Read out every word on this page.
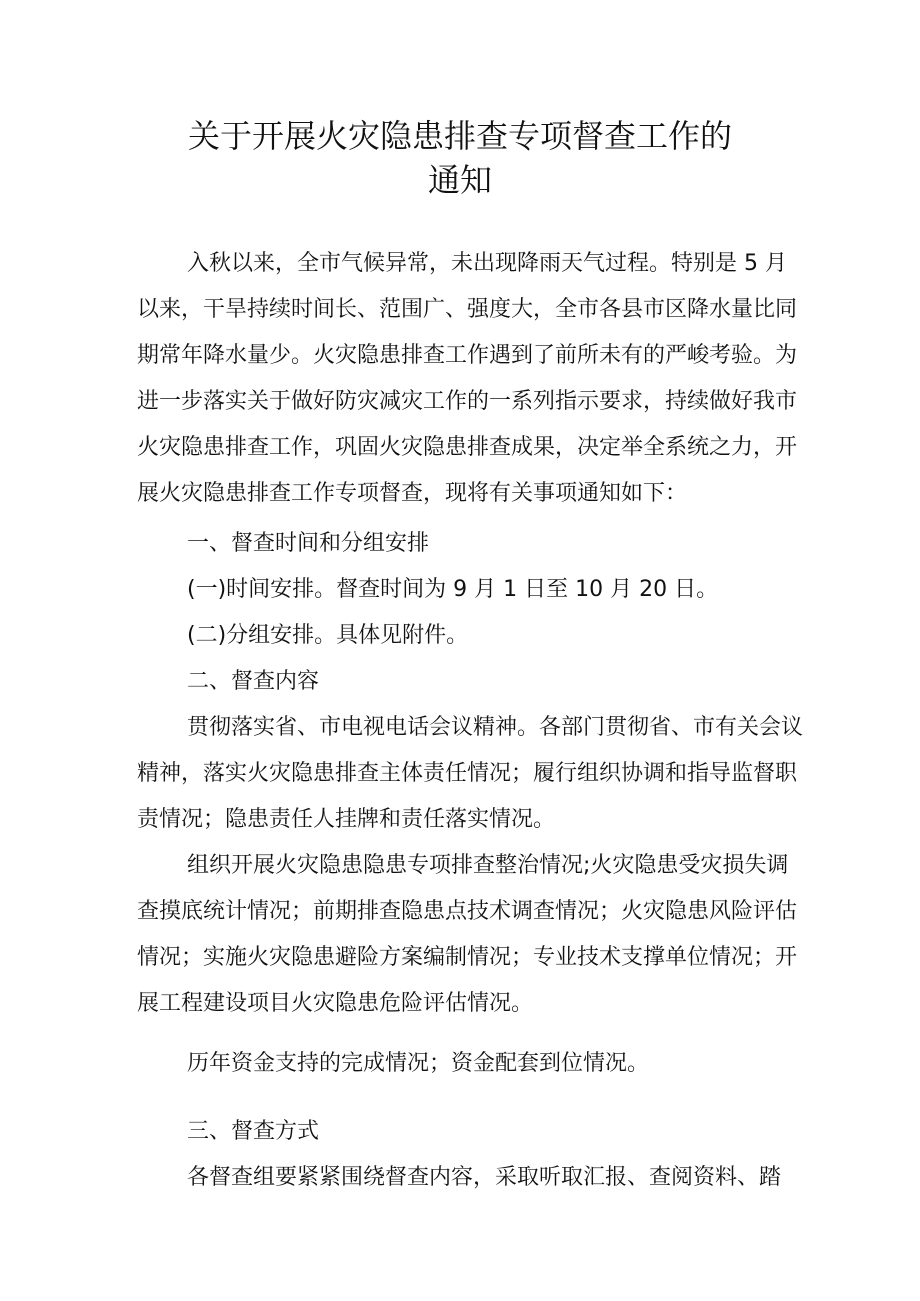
关于开展火灾隐患排查专项督查工作的
通知

入秋以来，全市气候异常，未出现降雨天气过程。特别是 5 月
以来，干旱持续时间长、范围广、强度大，全市各县市区降水量比同
期常年降水量少。火灾隐患排查工作遇到了前所未有的严峻考验。为
进一步落实关于做好防灾减灾工作的一系列指示要求，持续做好我市
火灾隐患排查工作，巩固火灾隐患排查成果，决定举全系统之力，开
展火灾隐患排查工作专项督查，现将有关事项通知如下：

一、督查时间和分组安排

(一)时间安排。督查时间为 9 月 1 日至 10 月 20 日。

(二)分组安排。具体见附件。

二、督查内容

贯彻落实省、市电视电话会议精神。各部门贯彻省、市有关会议
精神，落实火灾隐患排查主体责任情况；履行组织协调和指导监督职
责情况；隐患责任人挂牌和责任落实情况。

组织开展火灾隐患隐患专项排查整治情况;火灾隐患受灾损失调
查摸底统计情况；前期排查隐患点技术调查情况；火灾隐患风险评估
情况；实施火灾隐患避险方案编制情况；专业技术支撑单位情况；开
展工程建设项目火灾隐患危险评估情况。

历年资金支持的完成情况；资金配套到位情况。

三、督查方式

各督查组要紧紧围绕督查内容，采取听取汇报、查阅资料、踏
